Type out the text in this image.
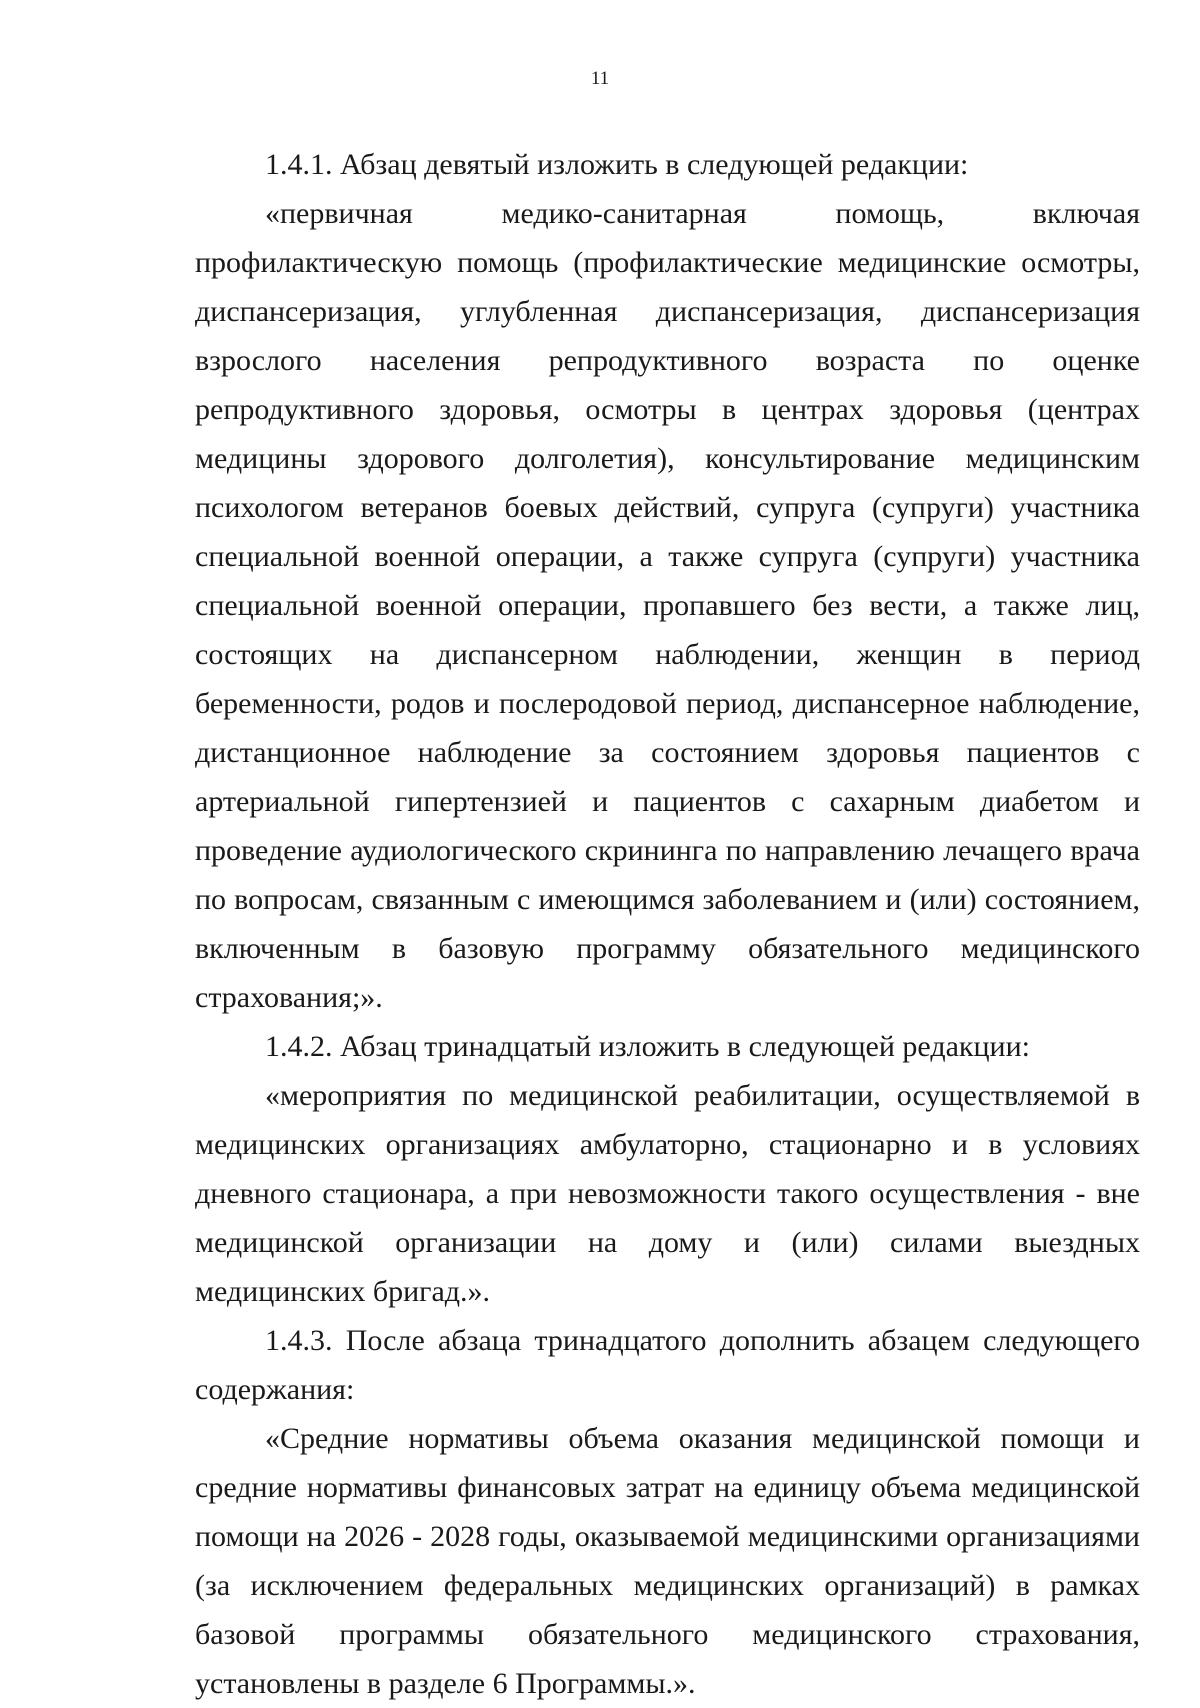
11

1.4.1. Абзац девятый изложить в следующей редакции:

«первичная медико-санитарная помощь, включая профилактическую помощь (профилактические медицинские осмотры, диспансеризация, углубленная диспансеризация, диспансеризация взрослого населения репродуктивного возраста по оценке репродуктивного здоровья, осмотры в центрах здоровья (центрах медицины здорового долголетия), консультирование медицинским психологом ветеранов боевых действий, супруга (супруги) участника специальной военной операции, а также супруга (супруги) участника специальной военной операции, пропавшего без вести, а также лиц, состоящих на диспансерном наблюдении, женщин в период беременности, родов и послеродовой период, диспансерное наблюдение, дистанционное наблюдение за состоянием здоровья пациентов с артериальной гипертензией и пациентов с сахарным диабетом и проведение аудиологического скрининга по направлению лечащего врача по вопросам, связанным с имеющимся заболеванием и (или) состоянием, включенным в базовую программу обязательного медицинского страхования;».

1.4.2. Абзац тринадцатый изложить в следующей редакции:

«мероприятия по медицинской реабилитации, осуществляемой в медицинских организациях амбулаторно, стационарно и в условиях дневного стационара, а при невозможности такого осуществления - вне медицинской организации на дому и (или) силами выездных медицинских бригад.».

1.4.3. После абзаца тринадцатого дополнить абзацем следующего содержания:

«Средние нормативы объема оказания медицинской помощи и средние нормативы финансовых затрат на единицу объема медицинской помощи на 2026 - 2028 годы, оказываемой медицинскими организациями (за исключением федеральных медицинских организаций) в рамках базовой программы обязательного медицинского страхования, установлены в разделе 6 Программы.».
